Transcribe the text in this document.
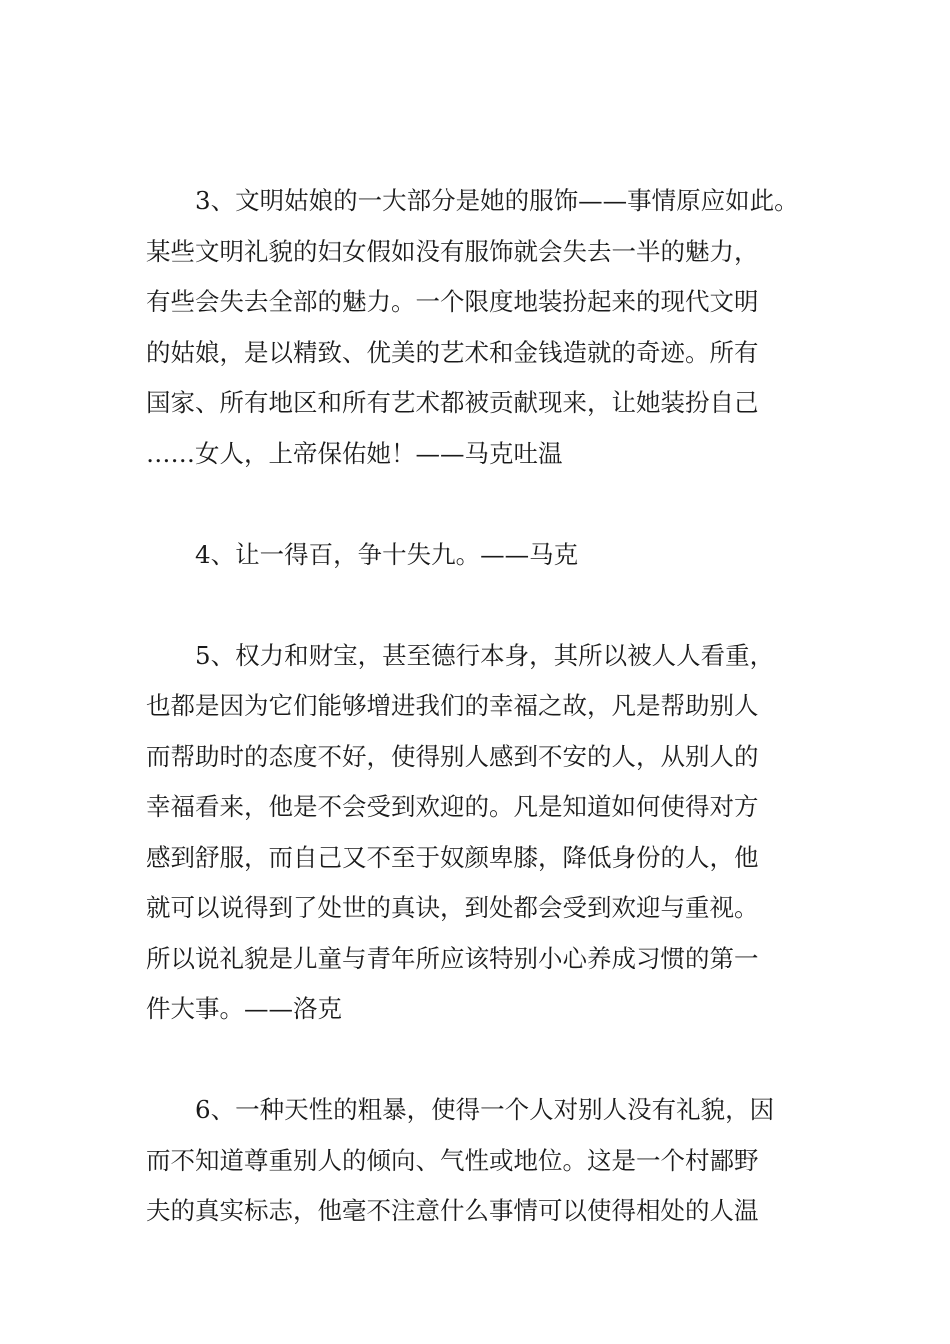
3、文明姑娘的一大部分是她的服饰——事情原应如此。
某些文明礼貌的妇女假如没有服饰就会失去一半的魅力，
有些会失去全部的魅力。一个限度地装扮起来的现代文明
的姑娘，是以精致、优美的艺术和金钱造就的奇迹。所有
国家、所有地区和所有艺术都被贡献现来，让她装扮自己
……女人，上帝保佑她！——马克吐温
4、让一得百，争十失九。——马克
5、权力和财宝，甚至德行本身，其所以被人人看重，
也都是因为它们能够增进我们的幸福之故，凡是帮助别人
而帮助时的态度不好，使得别人感到不安的人，从别人的
幸福看来，他是不会受到欢迎的。凡是知道如何使得对方
感到舒服，而自己又不至于奴颜卑膝，降低身份的人，他
就可以说得到了处世的真诀，到处都会受到欢迎与重视。
所以说礼貌是儿童与青年所应该特别小心养成习惯的第一
件大事。——洛克
6、一种天性的粗暴，使得一个人对别人没有礼貌，因
而不知道尊重别人的倾向、气性或地位。这是一个村鄙野
夫的真实标志，他毫不注意什么事情可以使得相处的人温
